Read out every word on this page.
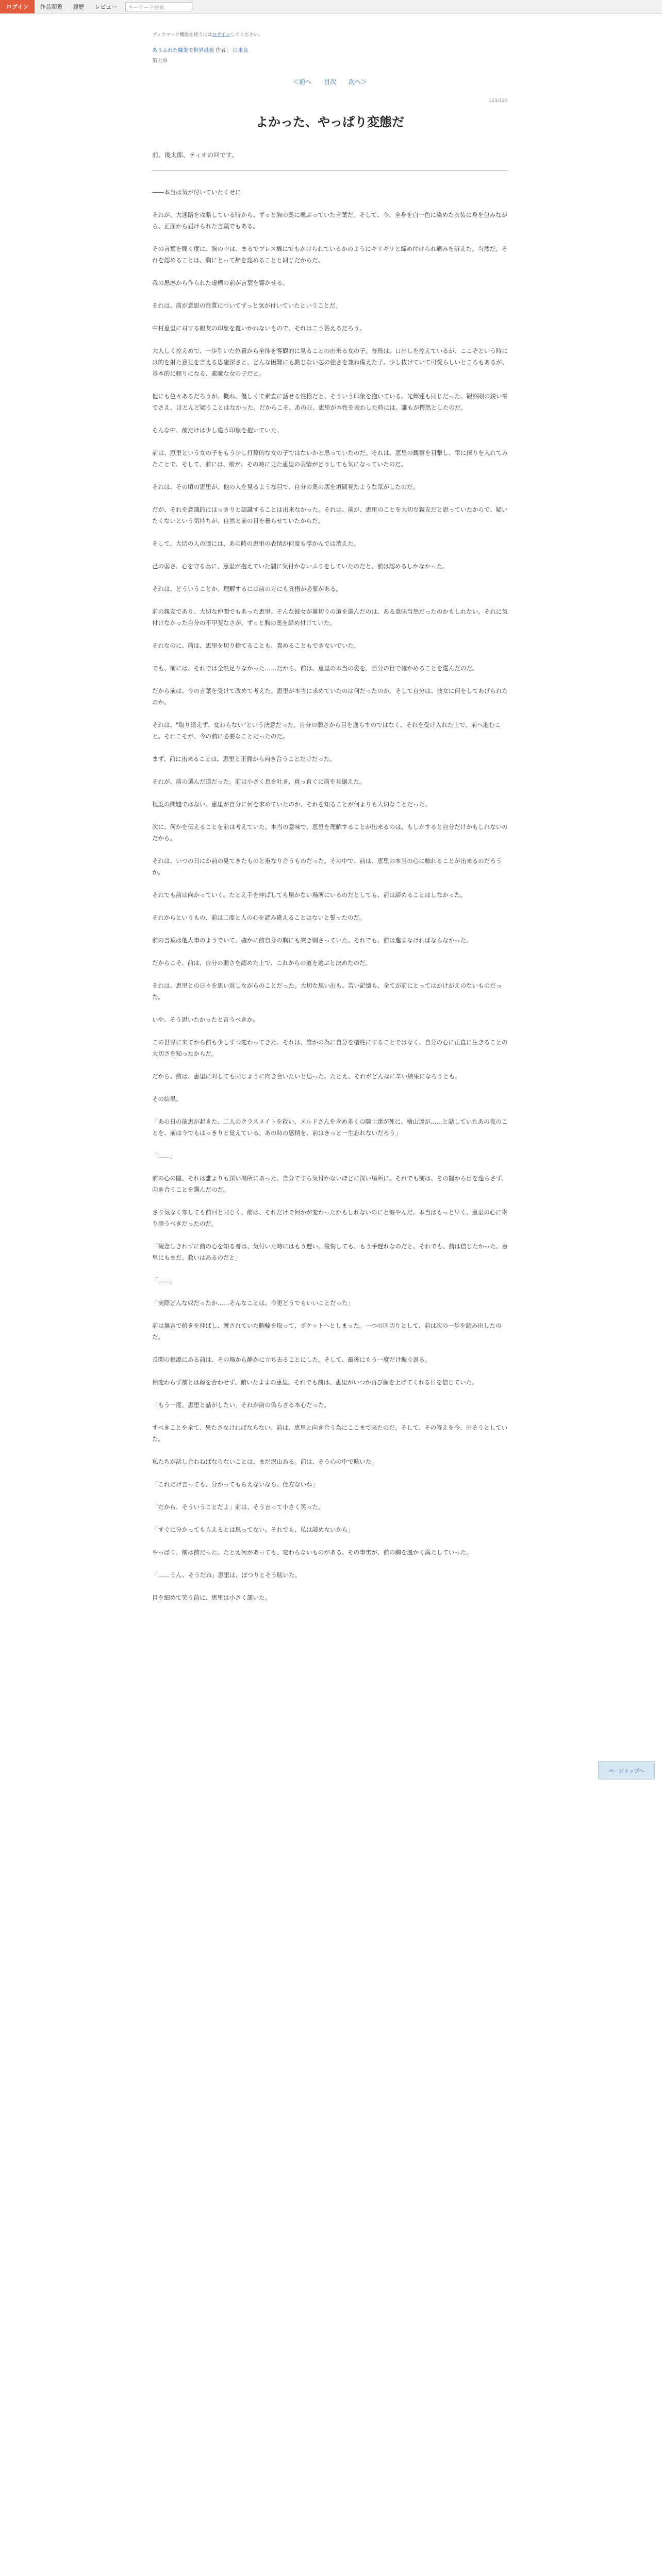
ログイン	作品閲覧	履歴	レビュー	キーワード検索
ブックマーク機能を使うにはログインしてください。
ありふれた職業で世界最強 作者： 白米良
第七章
＜前へ 目次 次へ＞
123/123
よかった、やっぱり変態だ
前、後太郎、ティオの回です。

――本当は気が付いていたくせに

それが、大迷路を攻略している時から、ずっと胸の奥に燻ぶっていた言葉だ。そして、今、全身を白一色に染めた衣装に身を包みながら、正面から届けられた言葉でもある。

その言葉を聞く度に、胸の中は、まるでブレス機にでもかけられているかのようにギリギリと締め付けられ痛みを訴えた。当然だ。それを認めることは、胸にとって辞を認めることと同じだからだ。

我の思惑から作られた虚構の前が言葉を響かせる。

それは、前が意思の性質についてずっと気が付いていたということだ。

中村恵里に対する親友の印象を覆いかねないもので、それはこう答えるだろう。

大人しく控えめで、一歩引いた位置から全体を客観的に見ることの出来る女の子。普段は、口出しを控えているが、ここぞという時には的を射た意見を言える思慮深さと、どんな困難にも動じない芯の強さを兼ね備えた子。少し抜けていて可愛らしいところもあるが、基本的に頼りになる、素敵な女の子だと。

他にも色々あるだろうが、概ね、優しくて素直に話せる性格だと、そういう印象を抱いている。光輝達も同じだった。観察眼の鋭い雫でさえ、ほとんど疑うことはなかった。だからこそ、あの日、恵里が本性を表わした時には、誰もが愕然としたのだ。

そんな中、前だけは少し違う印象を抱いていた。

前は、恵里という女の子をもう少し打算的な女の子ではないかと思っていたのだ。それは、恵里の観察を目撃し、雫に探りを入れてみたことで、そして、前には、前が、その時に見た恵里の表情がどうしても気になっていたのだ。

それは、その頃の恵里が、他の人を見るような目で、自分の奥の底を垣間見たような気がしたのだ。

だが、それを意識的にはっきりと認識することは出来なかった。それは、前が、恵里のことを大切な親友だと思っていたからで、疑いたくないという気持ちが、自然と前の目を曇らせていたからだ。

そして、大切の人の瞳には、あの時の恵里の表情が何度も浮かんでは消えた。

己の弱さ、心を守る為に、恵里が抱えていた闇に気付かないふりをしていたのだと、前は認めるしかなかった。

それは、どういうことか。理解するには前の方にも覚悟が必要がある。

前の親友であり、大切な仲間でもあった恵里。そんな彼女が裏切りの道を選んだのは、ある意味当然だったのかもしれない。それに気付けなかった自分の不甲斐なさが、ずっと胸の奥を締め付けていた。

それなのに、前は、恵里を切り捨てることも、責めることもできないでいた。

でも、前には、それでは全然足りなかった……だから、前は、恵里の本当の姿を、自分の目で確かめることを選んだのだ。

だから前は、今の言葉を受けて改めて考えた。恵里が本当に求めていたのは何だったのか。そして自分は、彼女に何をしてあげられたのか。

それは、"取り繕えず、変わらない"という決意だった。自分の弱さから目を逸らすのではなく、それを受け入れた上で、前へ進むこと。それこそが、今の前に必要なことだったのだ。

まず、前に出来ることは、恵里と正面から向き合うことだけだった。

それが、前の選んだ道だった。前は小さく息を吐き、真っ直ぐに前を見据えた。

程度の問題ではない。恵里が自分に何を求めていたのか、それを知ることが何よりも大切なことだった。

次に、何かを伝えることを前は考えていた。本当の意味で、恵里を理解することが出来るのは、もしかすると自分だけかもしれないのだから。

それは、いつの日にか前の見てきたものと重なり合うものだった。その中で、前は、恵里の本当の心に触れることが出来るのだろうか。

それでも前は向かっていく。たとえ手を伸ばしても届かない場所にいるのだとしても、前は諦めることはしなかった。

それからというもの、前は二度と人の心を読み違えることはないと誓ったのだ。

前の言葉は他人事のようでいて、確かに前自身の胸にも突き刺さっていた。それでも、前は進まなければならなかった。

だからこそ、前は、自分の弱さを認めた上で、これからの道を選ぶと決めたのだ。

それは、恵里との日々を思い返しながらのことだった。大切な思い出も、苦い記憶も、全てが前にとってはかけがえのないものだった。

いや、そう思いたかったと言うべきか。

この世界に来てから前も少しずつ変わってきた。それは、誰かの為に自分を犠牲にすることではなく、自分の心に正直に生きることの大切さを知ったからだ。

だから、前は、恵里に対しても同じように向き合いたいと思った。たとえ、それがどんなに辛い結果になろうとも。

その結果。

「あの日の前恵が起きた、二人のクラスメイトを救い、メルドさんを含め多くの騎士達が死に、檜山達が……と話していたあの夜のことを、前は今でもはっきりと覚えている。あの時の感情を、前はきっと一生忘れないだろう」

「……」

前の心の闇、それは誰よりも深い場所にあった。自分ですら気付かないほどに深い場所に。それでも前は、その闇から目を逸らさず、向き合うことを選んだのだ。

さり気なく零しても前回と同じく、前は、それだけで何かが変わったかもしれないのにと悔やんだ。本当はもっと早く、恵里の心に寄り添うべきだったのだ。

「観念しきれずに前の心を知る者は、気付いた時にはもう遅い。後悔しても、もう手遅れなのだと。それでも、前は信じたかった。恵里にもまだ、救いはあるのだと」

「……」

「実際どんな奴だったか……そんなことは、今更どうでもいいことだった」

前は無言で俯きを伸ばし、渡されていた腕輪を取って、ポケットへとしまった。一つの区切りとして、前は次の一歩を踏み出したのだ。

長閑の根源にある前は、その場から静かに立ち去ることにした。そして、最後にもう一度だけ振り返る。

相変わらず前とは顔を合わせず、俯いたままの恵里。それでも前は、恵里がいつか再び顔を上げてくれる日を信じていた。

「もう一度、恵里と話がしたい」それが前の偽らざる本心だった。

すべきことを全て、果たさなければならない。前は、恵里と向き合う為にここまで来たのだ。そして、その答えを今、出そうとしていた。

私たちが話し合わねばならないことは、まだ沢山ある。前は、そう心の中で呟いた。

「これだけ言っても、分かってもらえないなら、仕方ないね」

「だから、そういうことだよ」前は、そう言って小さく笑った。

「すぐに分かってもらえるとは思ってない。それでも、私は諦めないから」

やっぱり、前は前だった。たとえ何があっても、変わらないものがある。その事実が、前の胸を温かく満たしていった。

「……うん、そうだね」恵里は、ぽつりとそう呟いた。

目を細めて笑う前に、恵里は小さく頷いた。

ページトップへ
